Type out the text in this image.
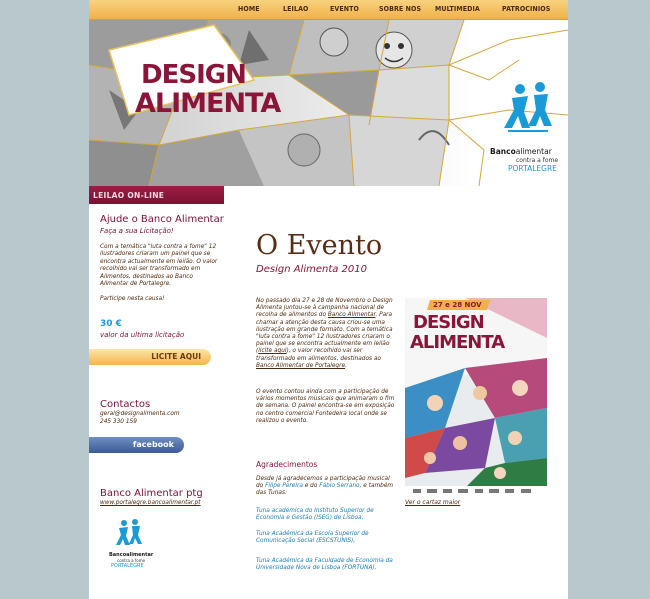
HOME	LEILAO	EVENTO	SOBRE NOS MULTIMEDIA	PATROCINIOS
DESIGN
ALIMENTA
Bancoalimentar
contra a fome
PORTALEGRE
LEILAO ON-LINE
Ajude o Banco Alimentar
Faça a sua Licitação!
Com a temática "luta contra a fome" 12 ilustradores criaram um painel que se encontra actualmente em leilão. O valor recolhido vai ser transformado em Alimentos, destinados ao Banco Alimentar de Portalegre.
Participe nesta causa!
30 €
valor da ultima licitação
LICITE AQUI
Contactos
geral@designalimenta.com
245 330 159
facebook
Banco Alimentar ptg
www.portalegre.bancoalimentar.pt
Bancoalimentar
contra a fome
PORTALEGRE
O Evento
Design Alimenta 2010
No passado dia 27 e 28 de Novembro o Design Alimenta juntou-se à campanha nacional de recolha de alimentos do Banco Alimentar. Para chamar a atenção desta causa criou-se uma ilustração em grande formato. Com a temática "luta contra a fome" 12 ilustradores criaram o painel que se encontra actualmente em leilão (licite aqui), o valor recolhido vai ser transformado em alimentos, destinados ao Banco Alimentar de Portalegre.
O evento contou ainda com a participação de vários momentos musicais que animaram o fim de semana. O painel encontra-se em exposição no centro comercial Fontedeira local onde se realizou o evento.
Agradecimentos
Desde já agradecemos a participação musical do Filipe Pereira e do Fábio Serrano, e também das Tunas:
Tuna académica do Instituto Superior de Economia e Gestão (ISEG) de Lisboa,
Tuna Académica da Escola Superior de Comunicação Social (ESCSTUNIS),
Tuna Académica da Faculdade de Economia da Universidade Nova de Lisboa (FORTUNA),
27 e 28 NOV
DESIGN
ALIMENTA
Ver o cartaz maior
